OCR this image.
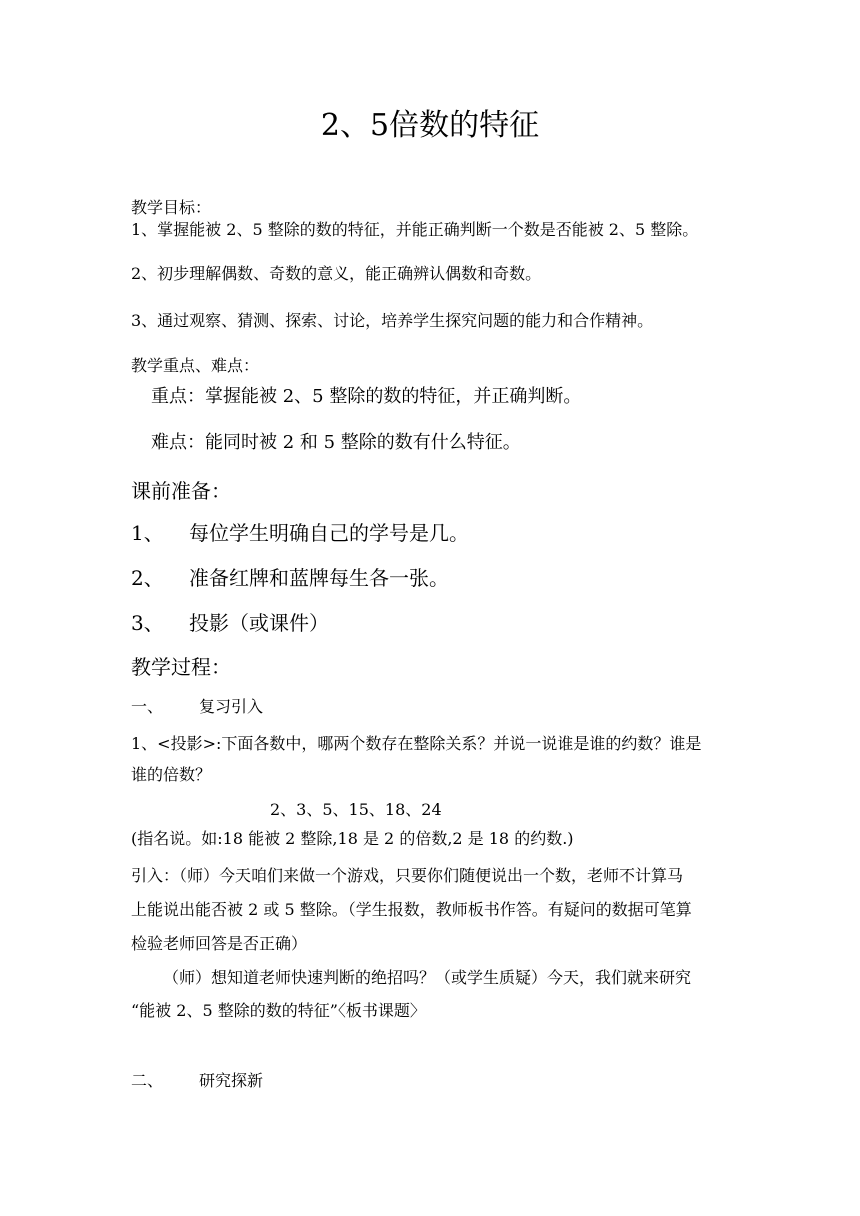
2、5倍数的特征
教学目标：
1、掌握能被 2、5 整除的数的特征，并能正确判断一个数是否能被 2、5 整除。
2、初步理解偶数、奇数的意义，能正确辨认偶数和奇数。
3、通过观察、猜测、探索、讨论，培养学生探究问题的能力和合作精神。
教学重点、难点：
重点：掌握能被 2、5 整除的数的特征，并正确判断。
难点：能同时被 2 和 5 整除的数有什么特征。
课前准备：
1、 每位学生明确自己的学号是几。
2、 准备红牌和蓝牌每生各一张。
3、 投影（或课件）
教学过程：
一、 复习引入
1、<投影>:下面各数中，哪两个数存在整除关系？并说一说谁是谁的约数？谁是
谁的倍数？
2、3、5、15、18、24
(指名说。如:18 能被 2 整除,18 是 2 的倍数,2 是 18 的约数.)
引入：（师）今天咱们来做一个游戏，只要你们随便说出一个数，老师不计算马
上能说出能否被 2 或 5 整除。（学生报数，教师板书作答。有疑问的数据可笔算
检验老师回答是否正确）
（师）想知道老师快速判断的绝招吗？（或学生质疑）今天，我们就来研究
“能被 2、5 整除的数的特征”〈板书课题〉
二、 研究探新
